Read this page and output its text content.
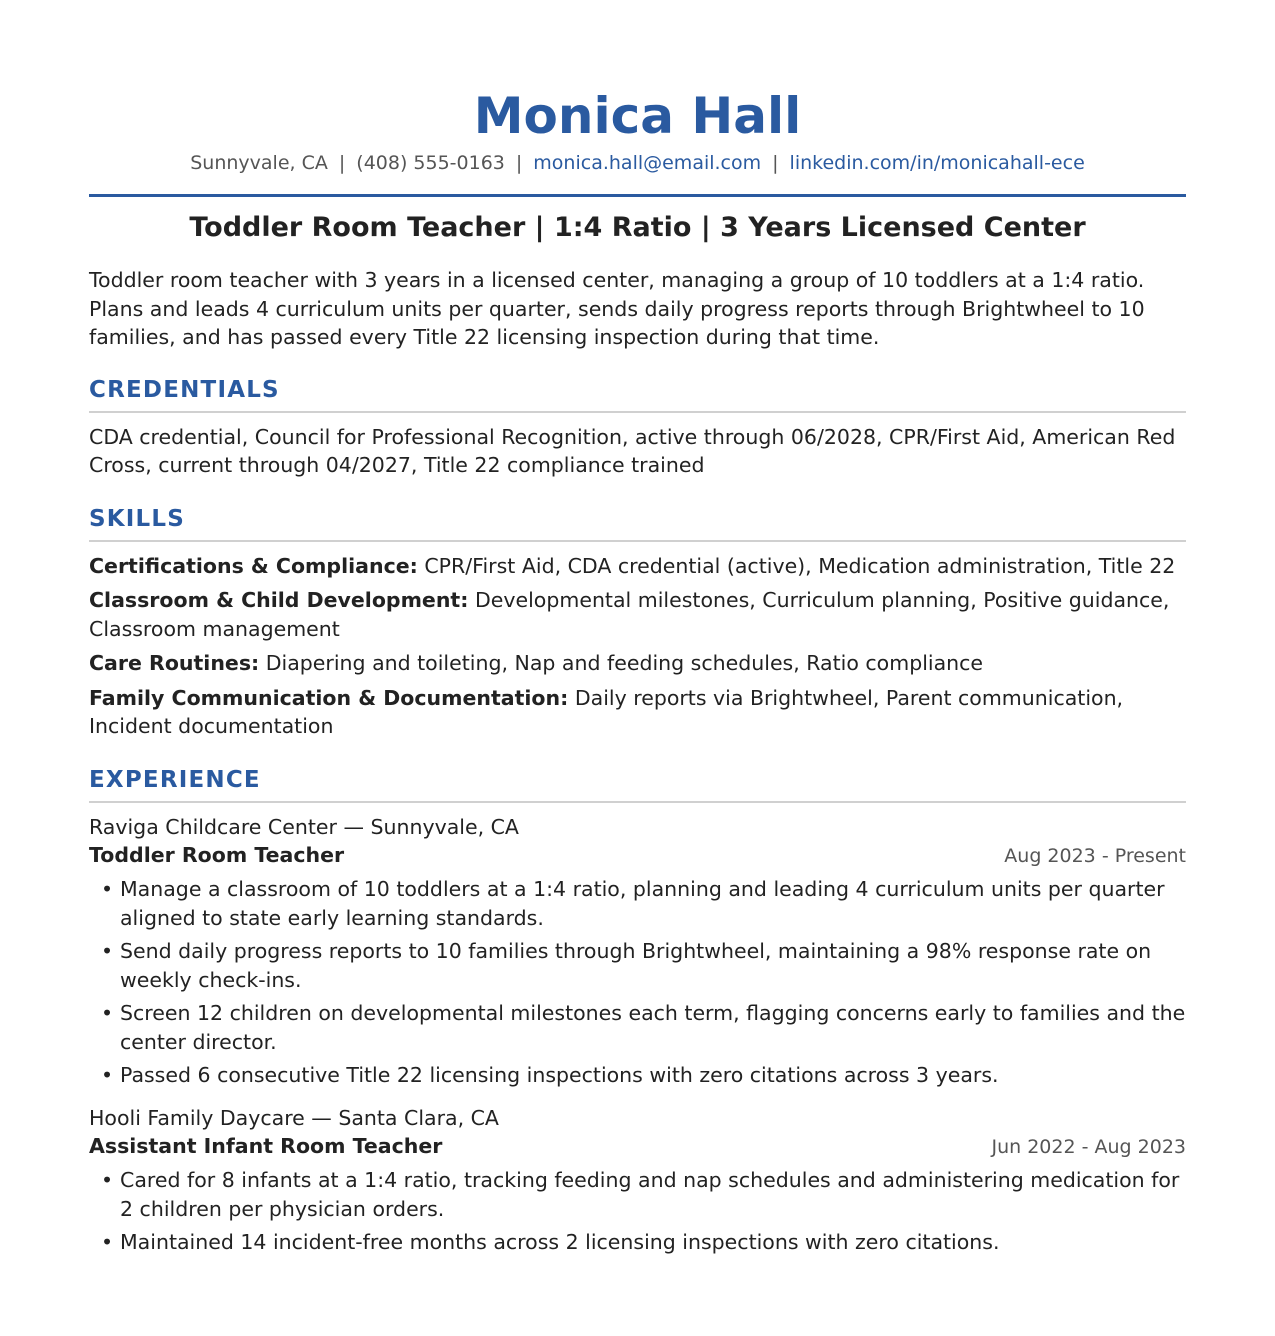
Monica Hall
Sunnyvale, CA | (408) 555-0163 | monica.hall@email.com | linkedin.com/in/monicahall-ece
Toddler Room Teacher | 1:4 Ratio | 3 Years Licensed Center
Toddler room teacher with 3 years in a licensed center, managing a group of 10 toddlers at a 1:4 ratio. Plans and leads 4 curriculum units per quarter, sends daily progress reports through Brightwheel to 10 families, and has passed every Title 22 licensing inspection during that time.
CREDENTIALS
CDA credential, Council for Professional Recognition, active through 06/2028, CPR/First Aid, American Red Cross, current through 04/2027, Title 22 compliance trained
SKILLS
Certifications & Compliance: CPR/First Aid, CDA credential (active), Medication administration, Title 22
Classroom & Child Development: Developmental milestones, Curriculum planning, Positive guidance, Classroom management
Care Routines: Diapering and toileting, Nap and feeding schedules, Ratio compliance
Family Communication & Documentation: Daily reports via Brightwheel, Parent communication, Incident documentation
EXPERIENCE
Raviga Childcare Center — Sunnyvale, CA
Toddler Room Teacher	Aug 2023 - Present
• Manage a classroom of 10 toddlers at a 1:4 ratio, planning and leading 4 curriculum units per quarter aligned to state early learning standards.
• Send daily progress reports to 10 families through Brightwheel, maintaining a 98% response rate on weekly check-ins.
• Screen 12 children on developmental milestones each term, flagging concerns early to families and the center director.
• Passed 6 consecutive Title 22 licensing inspections with zero citations across 3 years.
Hooli Family Daycare — Santa Clara, CA
Assistant Infant Room Teacher	Jun 2022 - Aug 2023
• Cared for 8 infants at a 1:4 ratio, tracking feeding and nap schedules and administering medication for 2 children per physician orders.
• Maintained 14 incident-free months across 2 licensing inspections with zero citations.
